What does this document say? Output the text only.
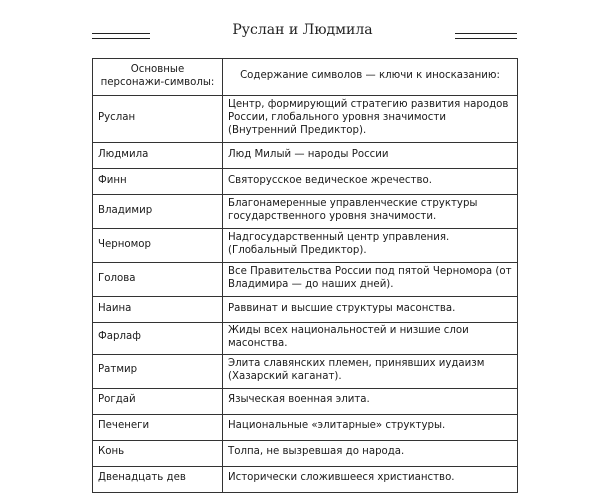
Руслан и Людмила
Основные персонажи-символы:	Содержание символов — ключи к иносказанию:
Руслан	Центр, формирующий стратегию развития народов России, глобального уровня значимости (Внутренний Предиктор).
Людмила	Люд Милый — народы России
Финн	Святорусское ведическое жречество.
Владимир	Благонамеренные управленческие структуры государственного уровня значимости.
Черномор	Надгосударственный центр управления. (Глобальный Предиктор).
Голова	Все Правительства России под пятой Черномора (от Владимира — до наших дней).
Наина	Раввинат и высшие структуры масонства.
Фарлаф	Жиды всех национальностей и низшие слои масонства.
Ратмир	Элита славянских племен, принявших иудаизм (Хазарский каганат).
Рогдай	Языческая военная элита.
Печенеги	Национальные «элитарные» структуры.
Конь	Толпа, не вызревшая до народа.
Двенадцать дев	Исторически сложившееся христианство.
